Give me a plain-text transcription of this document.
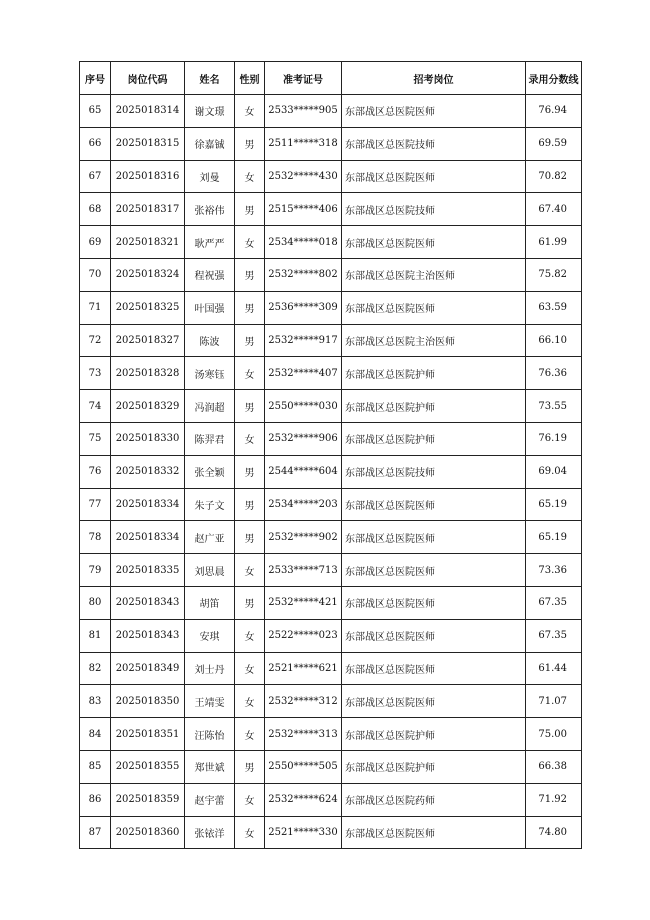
序号	岗位代码	姓名	性别	准考证号	招考岗位	录用分数线
65	2025018314	谢文璟	女	2533*****905	东部战区总医院医师	76.94
66	2025018315	徐嘉铖	男	2511*****318	东部战区总医院技师	69.59
67	2025018316	刘曼	女	2532*****430	东部战区总医院医师	70.82
68	2025018317	张裕伟	男	2515*****406	东部战区总医院技师	67.40
69	2025018321	耿严严	女	2534*****018	东部战区总医院医师	61.99
70	2025018324	程祝强	男	2532*****802	东部战区总医院主治医师	75.82
71	2025018325	叶国强	男	2536*****309	东部战区总医院医师	63.59
72	2025018327	陈波	男	2532*****917	东部战区总医院主治医师	66.10
73	2025018328	汤寒钰	女	2532*****407	东部战区总医院护师	76.36
74	2025018329	冯润超	男	2550*****030	东部战区总医院护师	73.55
75	2025018330	陈羿君	女	2532*****906	东部战区总医院护师	76.19
76	2025018332	张全颖	男	2544*****604	东部战区总医院技师	69.04
77	2025018334	朱子文	男	2534*****203	东部战区总医院医师	65.19
78	2025018334	赵广亚	男	2532*****902	东部战区总医院医师	65.19
79	2025018335	刘思晨	女	2533*****713	东部战区总医院医师	73.36
80	2025018343	胡笛	男	2532*****421	东部战区总医院医师	67.35
81	2025018343	安琪	女	2522*****023	东部战区总医院医师	67.35
82	2025018349	刘士丹	女	2521*****621	东部战区总医院医师	61.44
83	2025018350	王靖雯	女	2532*****312	东部战区总医院医师	71.07
84	2025018351	汪陈怡	女	2532*****313	东部战区总医院护师	75.00
85	2025018355	郑世斌	男	2550*****505	东部战区总医院护师	66.38
86	2025018359	赵宇蕾	女	2532*****624	东部战区总医院药师	71.92
87	2025018360	张铱洋	女	2521*****330	东部战区总医院医师	74.80
